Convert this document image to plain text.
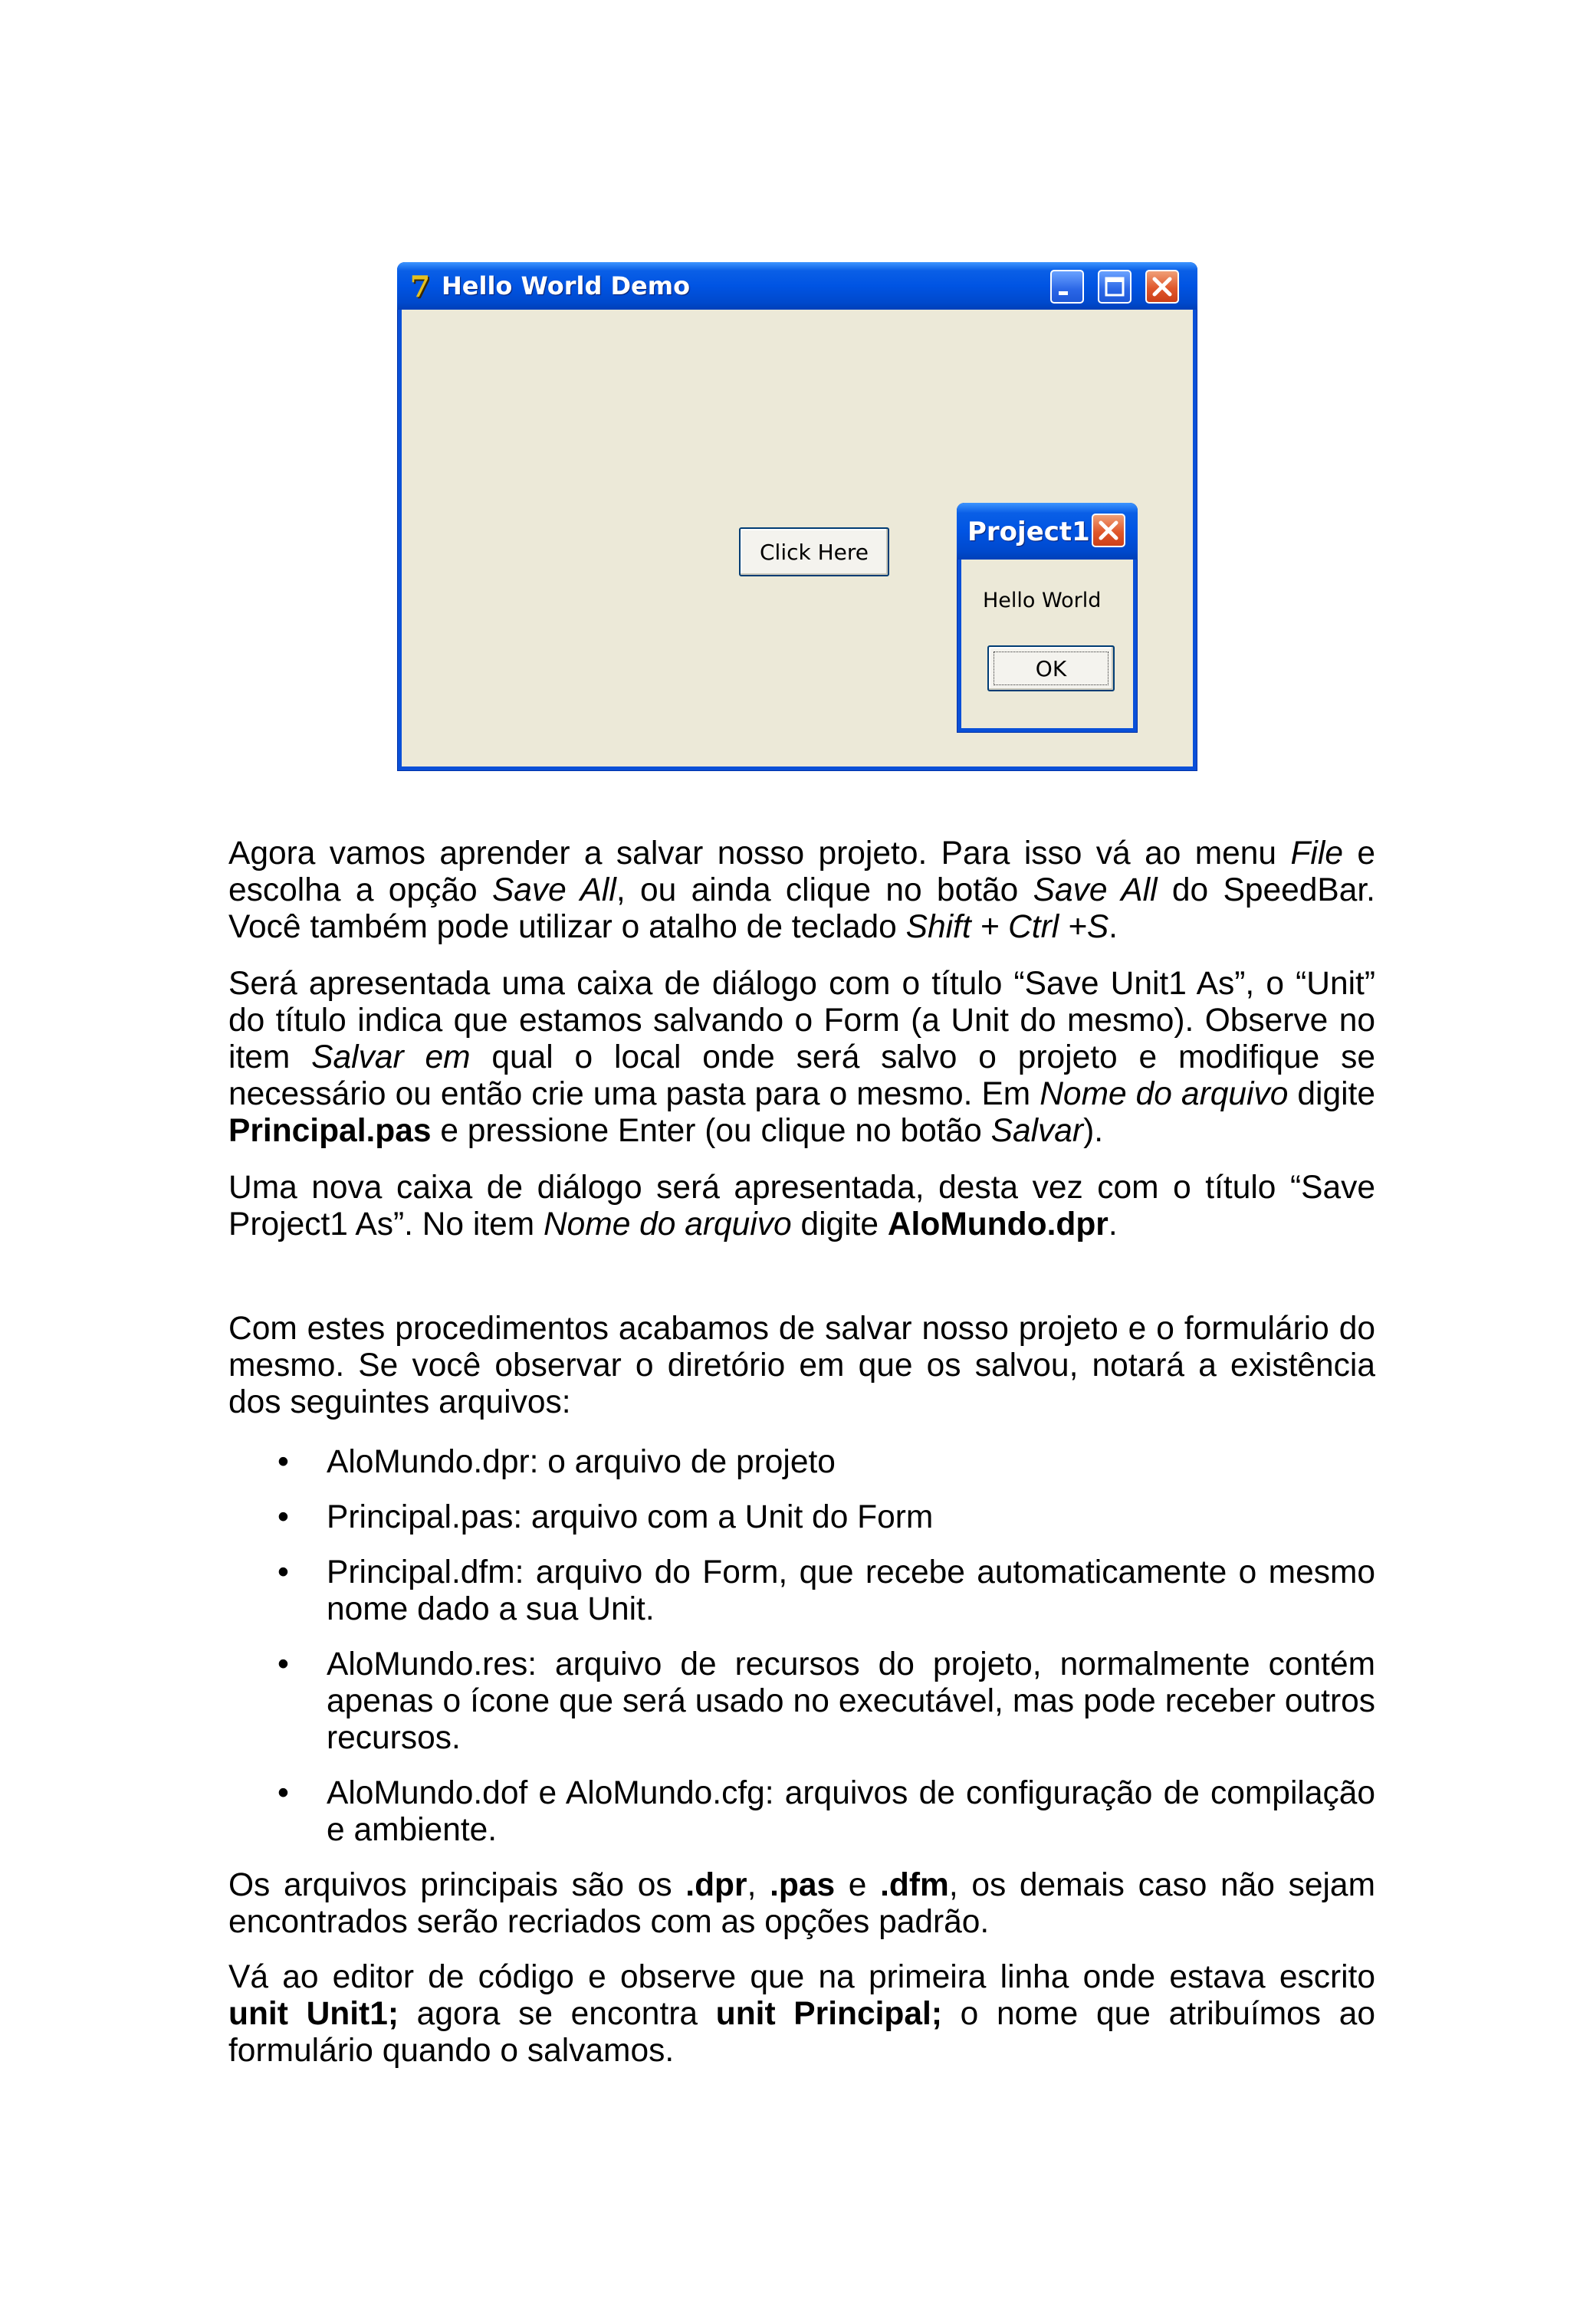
7 Hello World Demo
Click Here
Project1
Hello World
OK

Agora vamos aprender a salvar nosso projeto. Para isso vá ao menu File e escolha a opção Save All, ou ainda clique no botão Save All do SpeedBar. Você também pode utilizar o atalho de teclado Shift + Ctrl +S.

Será apresentada uma caixa de diálogo com o título “Save Unit1 As”, o “Unit” do título indica que estamos salvando o Form (a Unit do mesmo). Observe no item Salvar em qual o local onde será salvo o projeto e modifique se necessário ou então crie uma pasta para o mesmo. Em Nome do arquivo digite Principal.pas e pressione Enter (ou clique no botão Salvar).

Uma nova caixa de diálogo será apresentada, desta vez com o título “Save Project1 As”. No item Nome do arquivo digite AloMundo.dpr.

Com estes procedimentos acabamos de salvar nosso projeto e o formulário do mesmo. Se você observar o diretório em que os salvou, notará a existência dos seguintes arquivos:

• AloMundo.dpr: o arquivo de projeto

• Principal.pas: arquivo com a Unit do Form

• Principal.dfm: arquivo do Form, que recebe automaticamente o mesmo nome dado a sua Unit.

• AloMundo.res: arquivo de recursos do projeto, normalmente contém apenas o ícone que será usado no executável, mas pode receber outros recursos.

• AloMundo.dof e AloMundo.cfg: arquivos de configuração de compilação e ambiente.

Os arquivos principais são os .dpr, .pas e .dfm, os demais caso não sejam encontrados serão recriados com as opções padrão.

Vá ao editor de código e observe que na primeira linha onde estava escrito unit Unit1; agora se encontra unit Principal; o nome que atribuímos ao formulário quando o salvamos.
